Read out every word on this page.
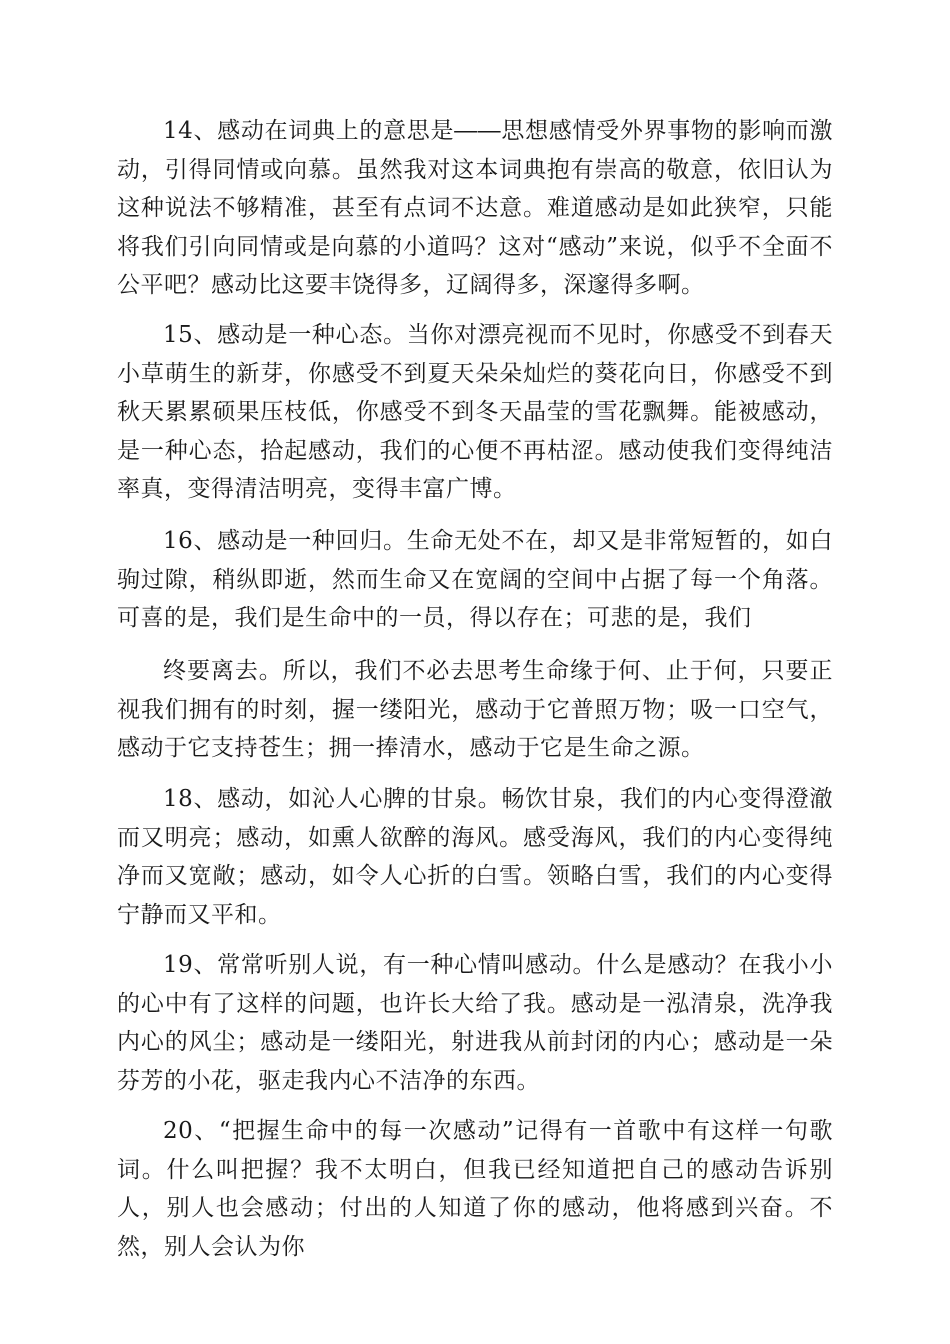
14、感动在词典上的意思是――思想感情受外界事物的影响而激动，引得同情或向慕。虽然我对这本词典抱有崇高的敬意，依旧认为这种说法不够精准，甚至有点词不达意。难道感动是如此狭窄，只能将我们引向同情或是向慕的小道吗？这对“感动”来说，似乎不全面不公平吧？感动比这要丰饶得多，辽阔得多，深邃得多啊。

15、感动是一种心态。当你对漂亮视而不见时，你感受不到春天小草萌生的新芽，你感受不到夏天朵朵灿烂的葵花向日，你感受不到秋天累累硕果压枝低，你感受不到冬天晶莹的雪花飘舞。能被感动，是一种心态，拾起感动，我们的心便不再枯涩。感动使我们变得纯洁率真，变得清洁明亮，变得丰富广博。

16、感动是一种回归。生命无处不在，却又是非常短暂的，如白驹过隙，稍纵即逝，然而生命又在宽阔的空间中占据了每一个角落。可喜的是，我们是生命中的一员，得以存在；可悲的是，我们

终要离去。所以，我们不必去思考生命缘于何、止于何，只要正视我们拥有的时刻，握一缕阳光，感动于它普照万物；吸一口空气，感动于它支持苍生；拥一捧清水，感动于它是生命之源。

18、感动，如沁人心脾的甘泉。畅饮甘泉，我们的内心变得澄澈而又明亮；感动，如熏人欲醉的海风。感受海风，我们的内心变得纯净而又宽敞；感动，如令人心折的白雪。领略白雪，我们的内心变得宁静而又平和。

19、常常听别人说，有一种心情叫感动。什么是感动？在我小小的心中有了这样的问题，也许长大给了我。感动是一泓清泉，洗净我内心的风尘；感动是一缕阳光，射进我从前封闭的内心；感动是一朵芬芳的小花，驱走我内心不洁净的东西。

20、“把握生命中的每一次感动”记得有一首歌中有这样一句歌词。什么叫把握？我不太明白，但我已经知道把自己的感动告诉别人，别人也会感动；付出的人知道了你的感动，他将感到兴奋。不然，别人会认为你
